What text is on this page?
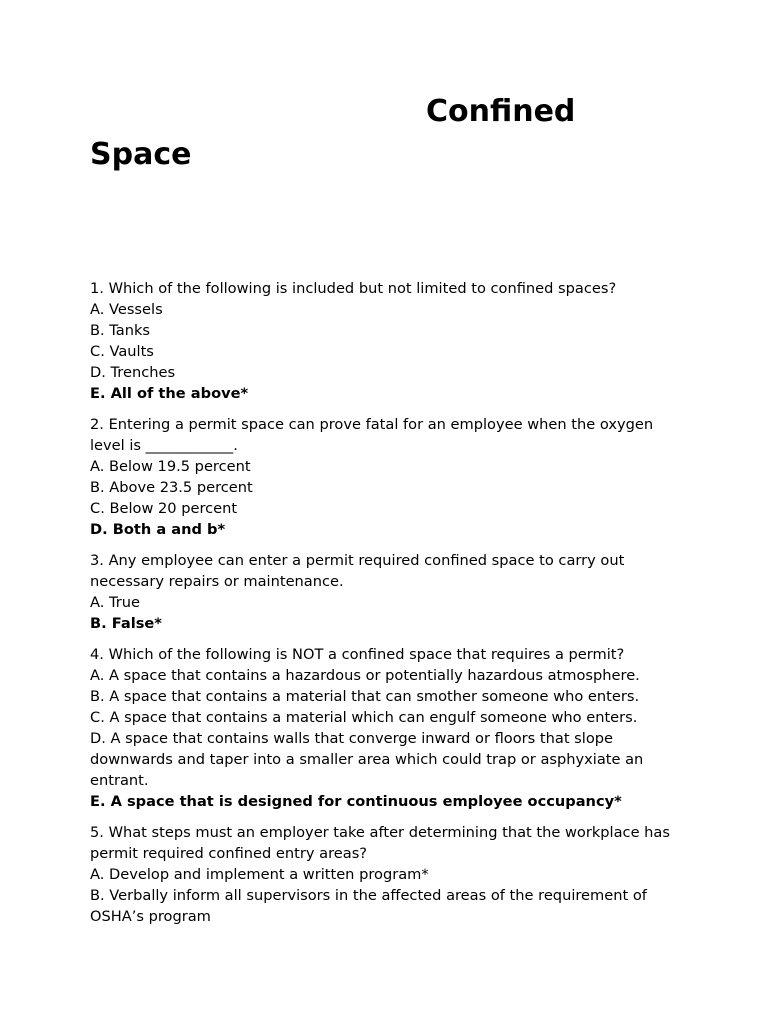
Confined Space
1. Which of the following is included but not limited to confined spaces?
A. Vessels
B. Tanks
C. Vaults
D. Trenches
E. All of the above*
2. Entering a permit space can prove fatal for an employee when the oxygen level is ____________.
A. Below 19.5 percent
B. Above 23.5 percent
C. Below 20 percent
D. Both a and b*
3. Any employee can enter a permit required confined space to carry out necessary repairs or maintenance.
A. True
B. False*
4. Which of the following is NOT a confined space that requires a permit?
A. A space that contains a hazardous or potentially hazardous atmosphere.
B. A space that contains a material that can smother someone who enters.
C. A space that contains a material which can engulf someone who enters.
D. A space that contains walls that converge inward or floors that slope downwards and taper into a smaller area which could trap or asphyxiate an entrant.
E. A space that is designed for continuous employee occupancy*
5. What steps must an employer take after determining that the workplace has permit required confined entry areas?
A. Develop and implement a written program*
B. Verbally inform all supervisors in the affected areas of the requirement of OSHA’s program
